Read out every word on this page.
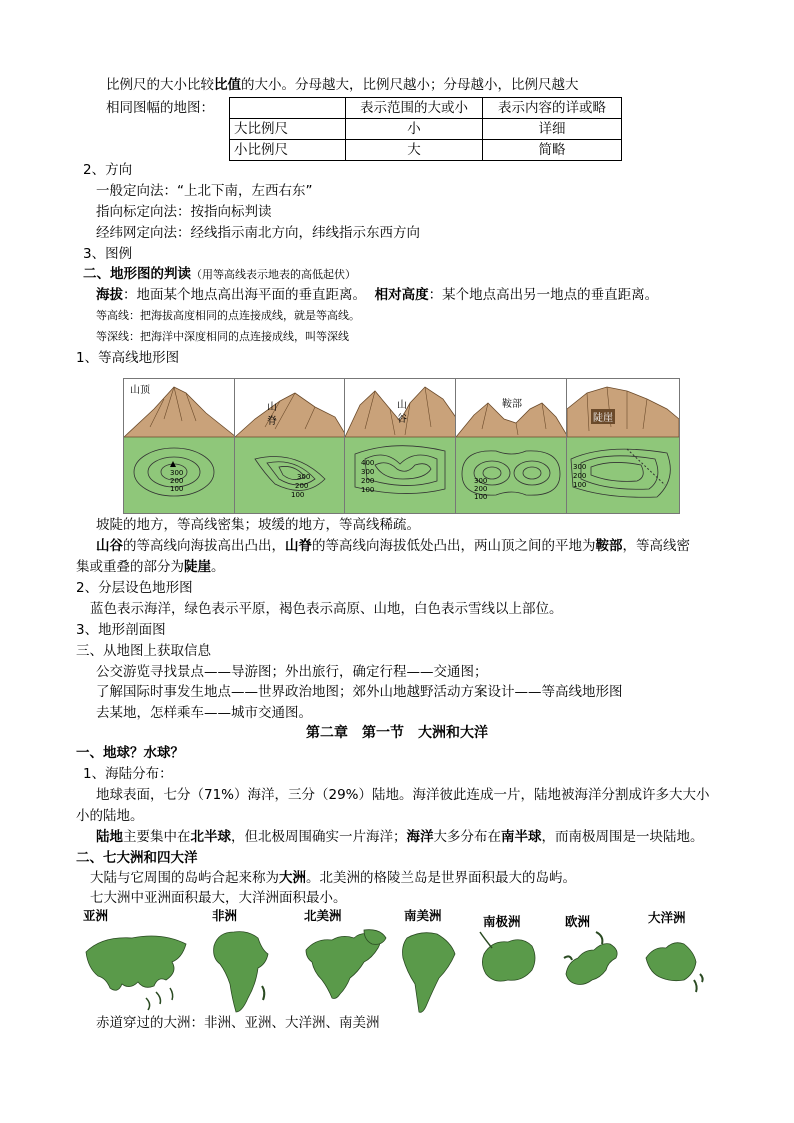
比例尺的大小比较比值的大小。分母越大，比例尺越小；分母越小，比例尺越大
相同图幅的地图：
		表示范围的大或小	表示内容的详或略
大比例尺	小	详细
小比例尺	大	简略
2、方向
一般定向法：“上北下南，左西右东”
指向标定向法：按指向标判读
经纬网定向法：经线指示南北方向，纬线指示东西方向
3、图例
二、地形图的判读（用等高线表示地表的高低起伏）
海拔：地面某个地点高出海平面的垂直距离。 相对高度：某个地点高出另一地点的垂直距离。
等高线：把海拔高度相同的点连接成线，就是等高线。
等深线：把海洋中深度相同的点连接成线，叫等深线
1、等高线地形图
300
200
100
山顶
300
200
100
山脊
400
300
200
100
山谷
300
200
100
鞍部
300
200
100
陡崖
坡陡的地方，等高线密集；坡缓的地方，等高线稀疏。
山谷的等高线向海拔高出凸出，山脊的等高线向海拔低处凸出，两山顶之间的平地为鞍部，等高线密
集或重叠的部分为陡崖。
2、分层设色地形图
蓝色表示海洋，绿色表示平原，褐色表示高原、山地，白色表示雪线以上部位。
3、地形剖面图
三、从地图上获取信息
公交游览寻找景点——导游图；外出旅行，确定行程——交通图；
了解国际时事发生地点——世界政治地图；郊外山地越野活动方案设计——等高线地形图
去某地，怎样乘车——城市交通图。
第二章　第一节　大洲和大洋
一、地球？水球？
1、海陆分布：
地球表面，七分（71%）海洋，三分（29%）陆地。海洋彼此连成一片，陆地被海洋分割成许多大大小
小的陆地。
陆地主要集中在北半球，但北极周围确实一片海洋；海洋大多分布在南半球，而南极周围是一块陆地。
二、七大洲和四大洋
大陆与它周围的岛屿合起来称为大洲。北美洲的格陵兰岛是世界面积最大的岛屿。
七大洲中亚洲面积最大，大洋洲面积最小。
亚洲	非洲	北美洲	南美洲	南极洲	欧洲	大洋洲
赤道穿过的大洲：非洲、亚洲、大洋洲、南美洲
